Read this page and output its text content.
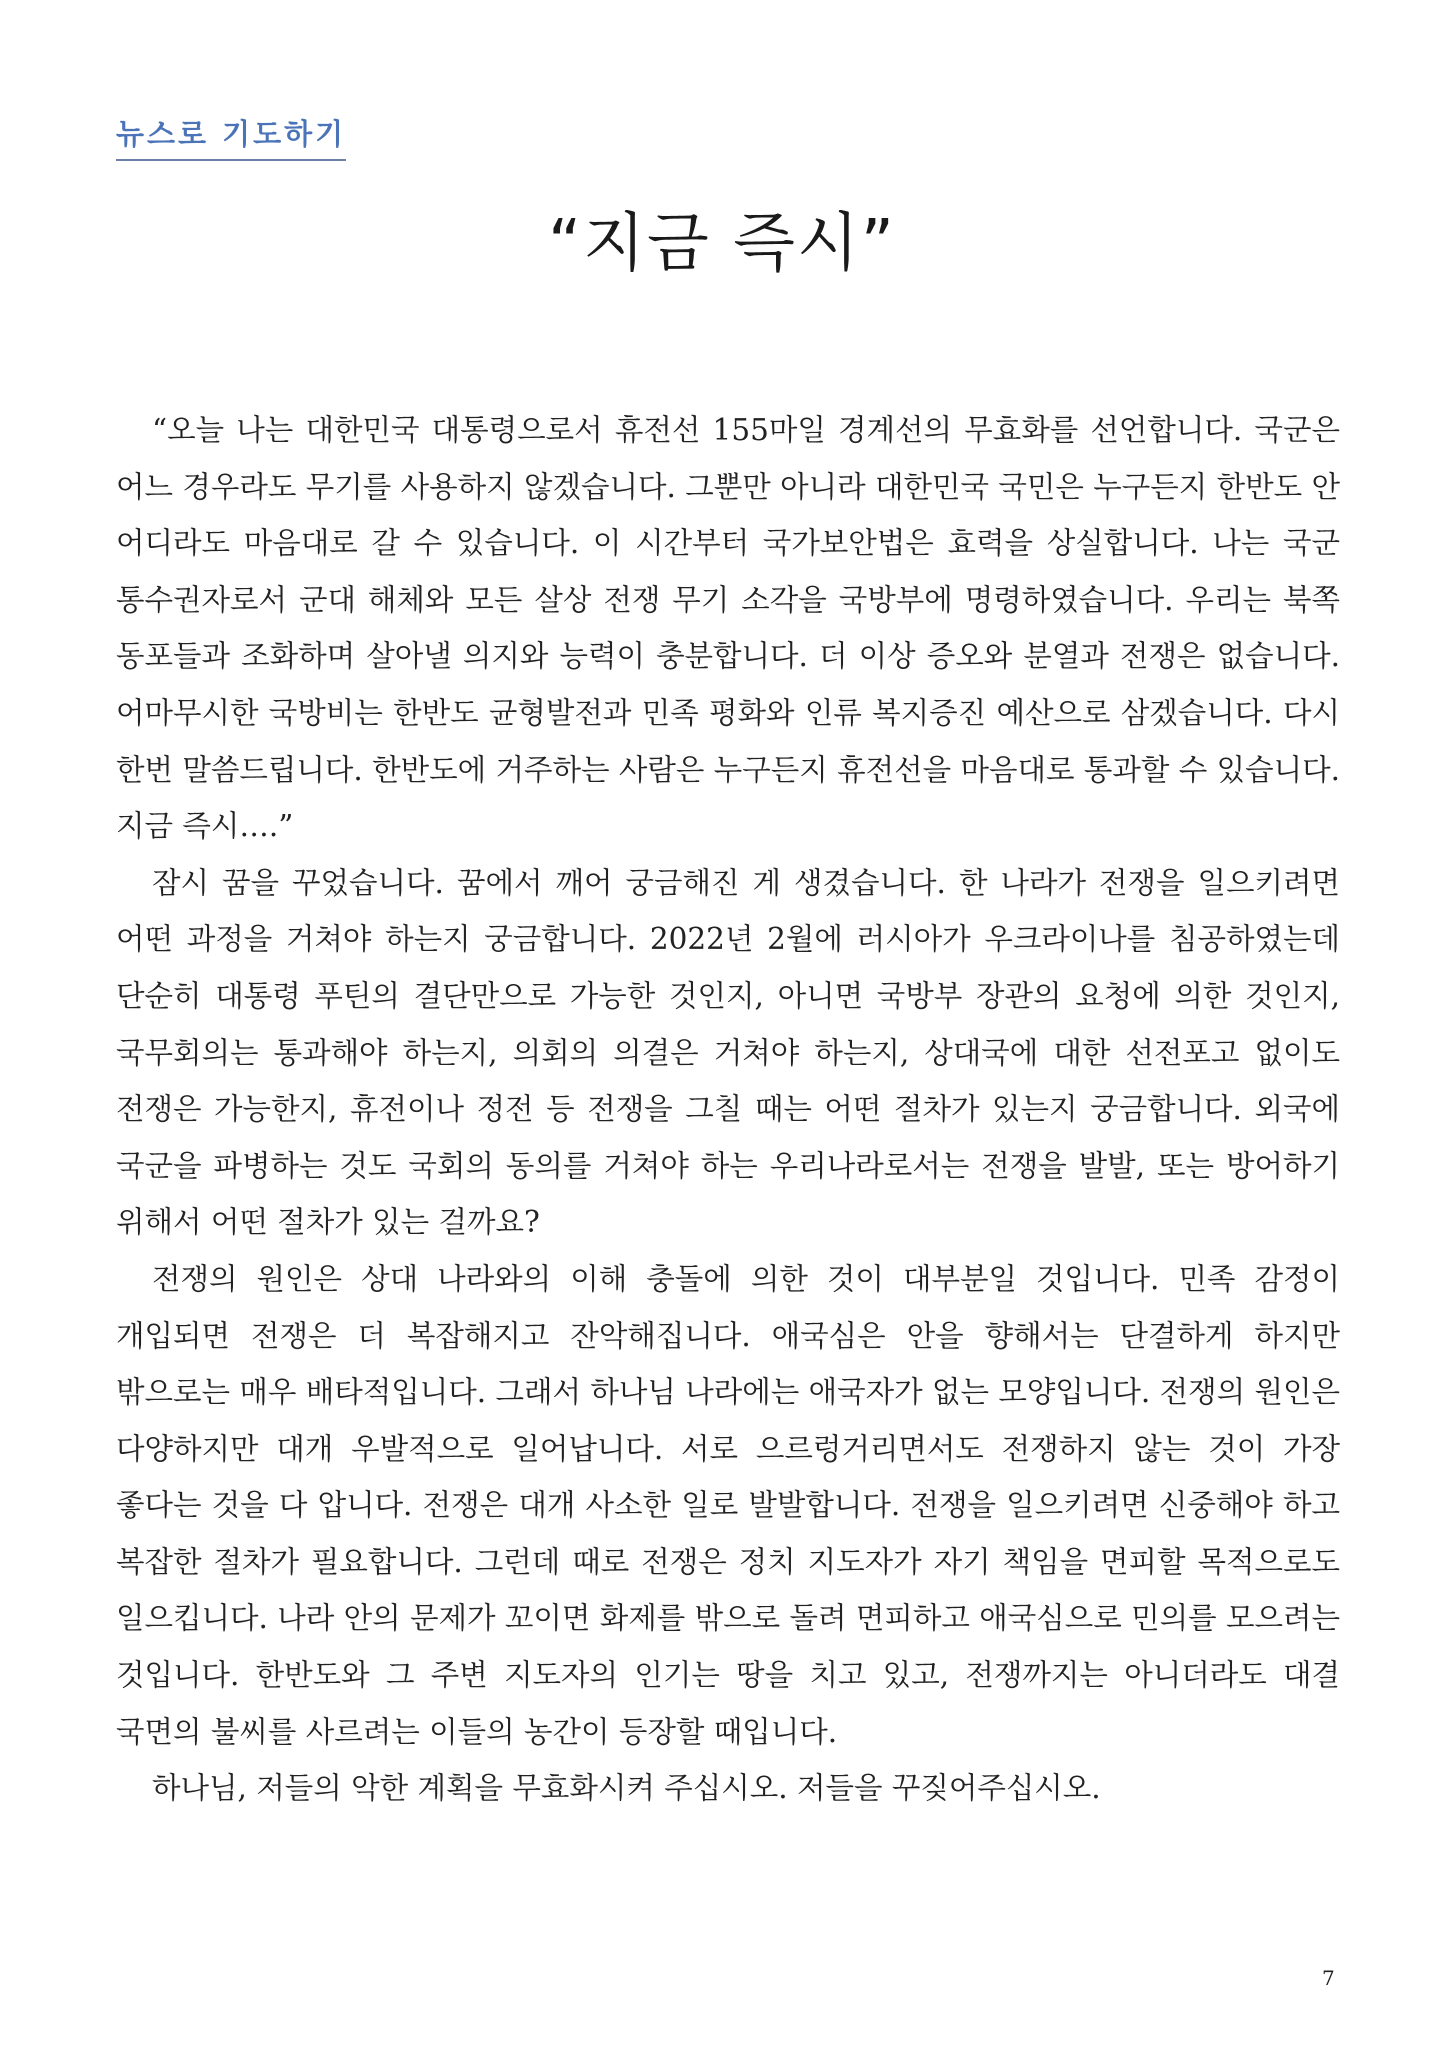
뉴스로 기도하기
“지금 즉시”

“오늘 나는 대한민국 대통령으로서 휴전선 155마일 경계선의 무효화를 선언합니다. 국군은 어느 경우라도 무기를 사용하지 않겠습니다. 그뿐만 아니라 대한민국 국민은 누구든지 한반도 안 어디라도 마음대로 갈 수 있습니다. 이 시간부터 국가보안법은 효력을 상실합니다. 나는 국군 통수권자로서 군대 해체와 모든 살상 전쟁 무기 소각을 국방부에 명령하였습니다. 우리는 북쪽 동포들과 조화하며 살아낼 의지와 능력이 충분합니다. 더 이상 증오와 분열과 전쟁은 없습니다. 어마무시한 국방비는 한반도 균형발전과 민족 평화와 인류 복지증진 예산으로 삼겠습니다. 다시 한번 말씀드립니다. 한반도에 거주하는 사람은 누구든지 휴전선을 마음대로 통과할 수 있습니다. 지금 즉시….”

잠시 꿈을 꾸었습니다. 꿈에서 깨어 궁금해진 게 생겼습니다. 한 나라가 전쟁을 일으키려면 어떤 과정을 거쳐야 하는지 궁금합니다. 2022년 2월에 러시아가 우크라이나를 침공하였는데 단순히 대통령 푸틴의 결단만으로 가능한 것인지, 아니면 국방부 장관의 요청에 의한 것인지, 국무회의는 통과해야 하는지, 의회의 의결은 거쳐야 하는지, 상대국에 대한 선전포고 없이도 전쟁은 가능한지, 휴전이나 정전 등 전쟁을 그칠 때는 어떤 절차가 있는지 궁금합니다. 외국에 국군을 파병하는 것도 국회의 동의를 거쳐야 하는 우리나라로서는 전쟁을 발발, 또는 방어하기 위해서 어떤 절차가 있는 걸까요?

전쟁의 원인은 상대 나라와의 이해 충돌에 의한 것이 대부분일 것입니다. 민족 감정이 개입되면 전쟁은 더 복잡해지고 잔악해집니다. 애국심은 안을 향해서는 단결하게 하지만 밖으로는 매우 배타적입니다. 그래서 하나님 나라에는 애국자가 없는 모양입니다. 전쟁의 원인은 다양하지만 대개 우발적으로 일어납니다. 서로 으르렁거리면서도 전쟁하지 않는 것이 가장 좋다는 것을 다 압니다. 전쟁은 대개 사소한 일로 발발합니다. 전쟁을 일으키려면 신중해야 하고 복잡한 절차가 필요합니다. 그런데 때로 전쟁은 정치 지도자가 자기 책임을 면피할 목적으로도 일으킵니다. 나라 안의 문제가 꼬이면 화제를 밖으로 돌려 면피하고 애국심으로 민의를 모으려는 것입니다. 한반도와 그 주변 지도자의 인기는 땅을 치고 있고, 전쟁까지는 아니더라도 대결 국면의 불씨를 사르려는 이들의 농간이 등장할 때입니다.

하나님, 저들의 악한 계획을 무효화시켜 주십시오. 저들을 꾸짖어주십시오.

7
